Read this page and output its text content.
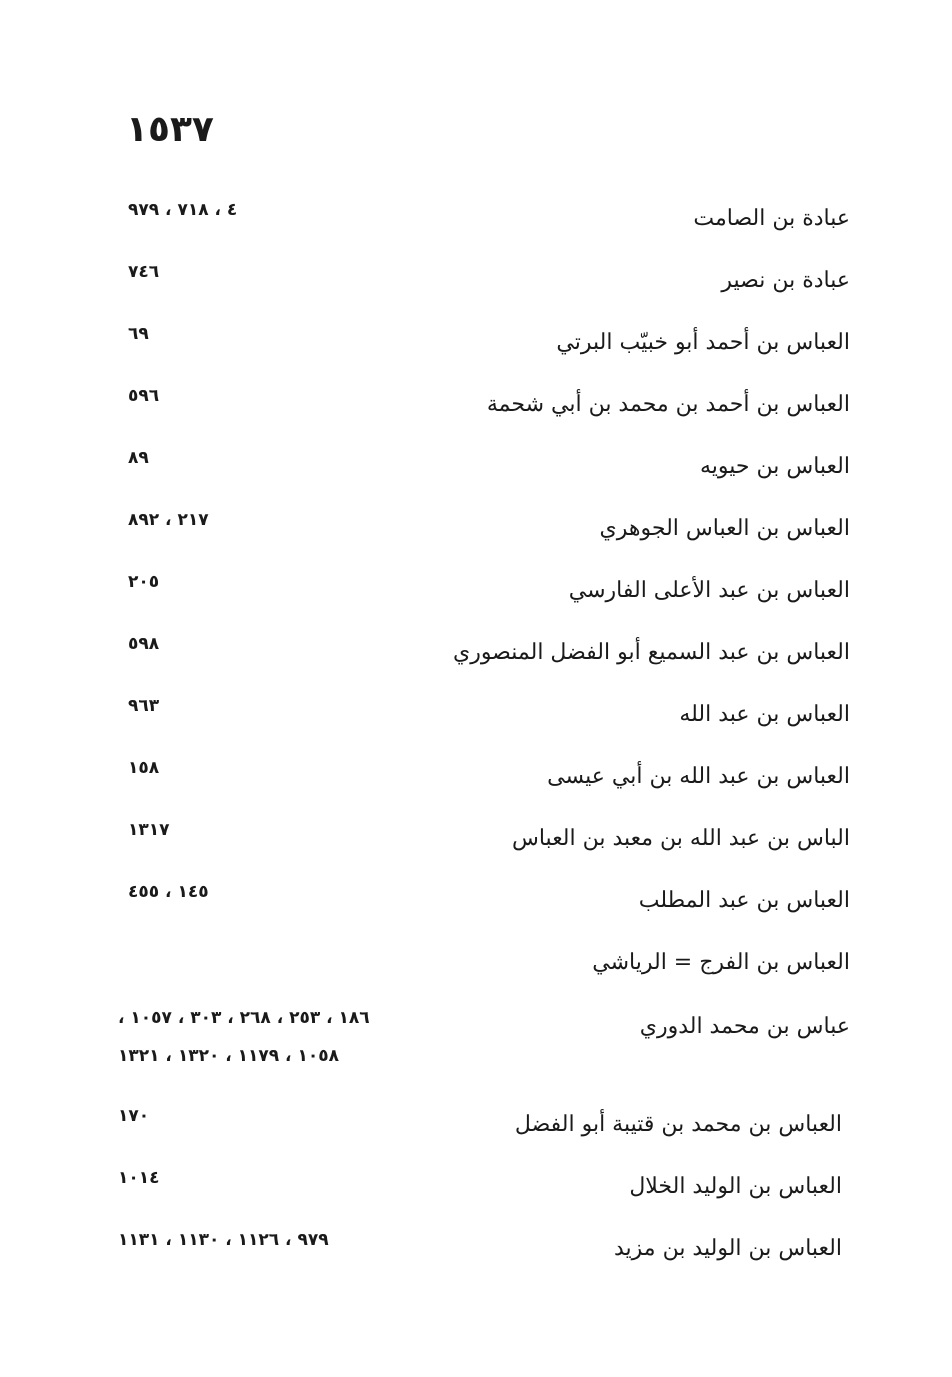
١٥٣٧
عبادة بن الصامت
٤ ، ٧١٨ ، ٩٧٩
عبادة بن نصير
٧٤٦
العباس بن أحمد أبو خبيّب البرتي
٦٩
العباس بن أحمد بن محمد بن أبي شحمة
٥٩٦
العباس بن حيويه
٨٩
العباس بن العباس الجوهري
٢١٧ ، ٨٩٢
العباس بن عبد الأعلى الفارسي
٢٠٥
العباس بن عبد السميع أبو الفضل المنصوري
٥٩٨
العباس بن عبد الله
٩٦٣
العباس بن عبد الله بن أبي عيسى
١٥٨
الباس بن عبد الله بن معبد بن العباس
١٣١٧
العباس بن عبد المطلب
١٤٥ ، ٤٥٥
العباس بن الفرج = الرياشي
عباس بن محمد الدوري
١٨٦ ، ٢٥٣ ، ٢٦٨ ، ٣٠٣ ، ١٠٥٧ ،
١٠٥٨ ، ١١٧٩ ، ١٣٢٠ ، ١٣٢١
العباس بن محمد بن قتيبة أبو الفضل
١٧٠
العباس بن الوليد الخلال
١٠١٤
العباس بن الوليد بن مزيد
٩٧٩ ، ١١٢٦ ، ١١٣٠ ، ١١٣١
